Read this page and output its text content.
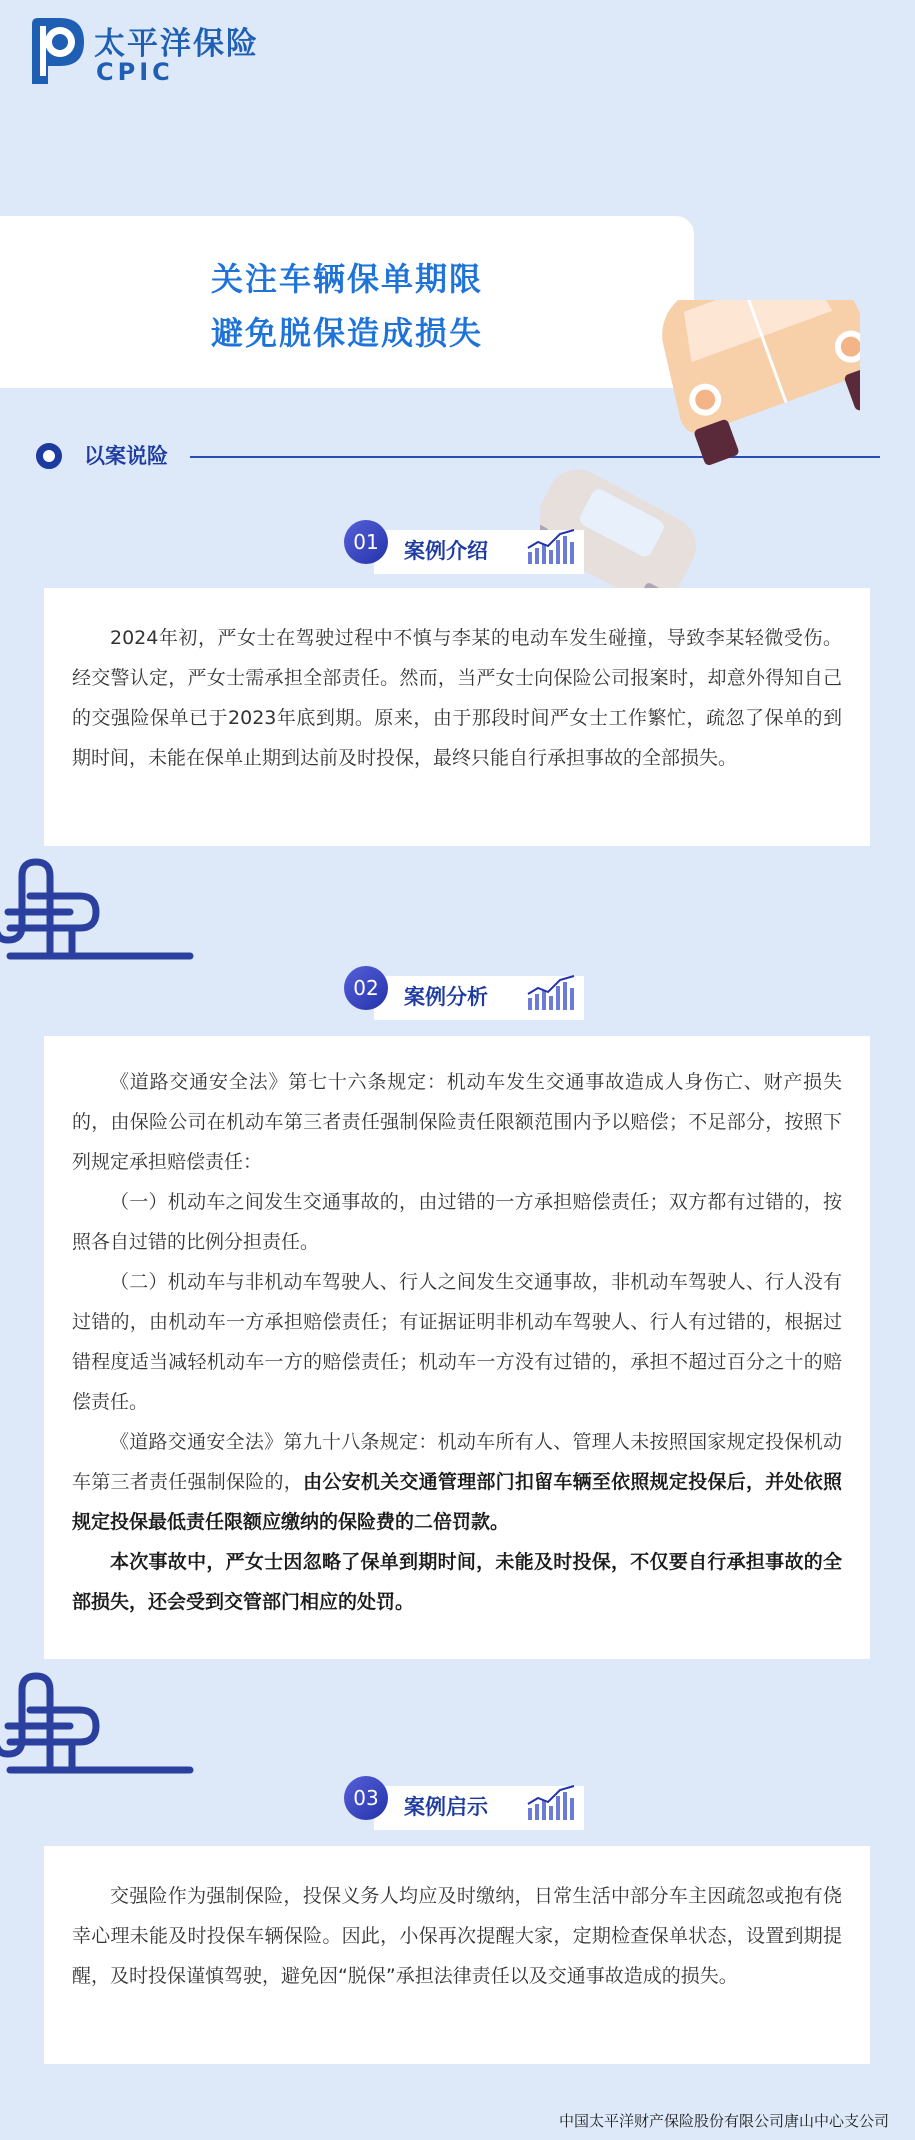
太平洋保险
CPIC
关注车辆保单期限
避免脱保造成损失
以案说险
01	案例介绍

2024年初，严女士在驾驶过程中不慎与李某的电动车发生碰撞，导致李某轻微受伤。经交警认定，严女士需承担全部责任。然而，当严女士向保险公司报案时，却意外得知自己的交强险保单已于2023年底到期。原来，由于那段时间严女士工作繁忙，疏忽了保单的到期时间，未能在保单止期到达前及时投保，最终只能自行承担事故的全部损失。

02	案例分析

《道路交通安全法》第七十六条规定：机动车发生交通事故造成人身伤亡、财产损失的，由保险公司在机动车第三者责任强制保险责任限额范围内予以赔偿；不足部分，按照下列规定承担赔偿责任：

（一）机动车之间发生交通事故的，由过错的一方承担赔偿责任；双方都有过错的，按照各自过错的比例分担责任。

（二）机动车与非机动车驾驶人、行人之间发生交通事故，非机动车驾驶人、行人没有过错的，由机动车一方承担赔偿责任；有证据证明非机动车驾驶人、行人有过错的，根据过错程度适当减轻机动车一方的赔偿责任；机动车一方没有过错的，承担不超过百分之十的赔偿责任。

《道路交通安全法》第九十八条规定：机动车所有人、管理人未按照国家规定投保机动车第三者责任强制保险的，由公安机关交通管理部门扣留车辆至依照规定投保后，并处依照规定投保最低责任限额应缴纳的保险费的二倍罚款。

本次事故中，严女士因忽略了保单到期时间，未能及时投保，不仅要自行承担事故的全部损失，还会受到交管部门相应的处罚。

03	案例启示

交强险作为强制保险，投保义务人均应及时缴纳，日常生活中部分车主因疏忽或抱有侥幸心理未能及时投保车辆保险。因此，小保再次提醒大家，定期检查保单状态，设置到期提醒，及时投保谨慎驾驶，避免因“脱保”承担法律责任以及交通事故造成的损失。

中国太平洋财产保险股份有限公司唐山中心支公司
